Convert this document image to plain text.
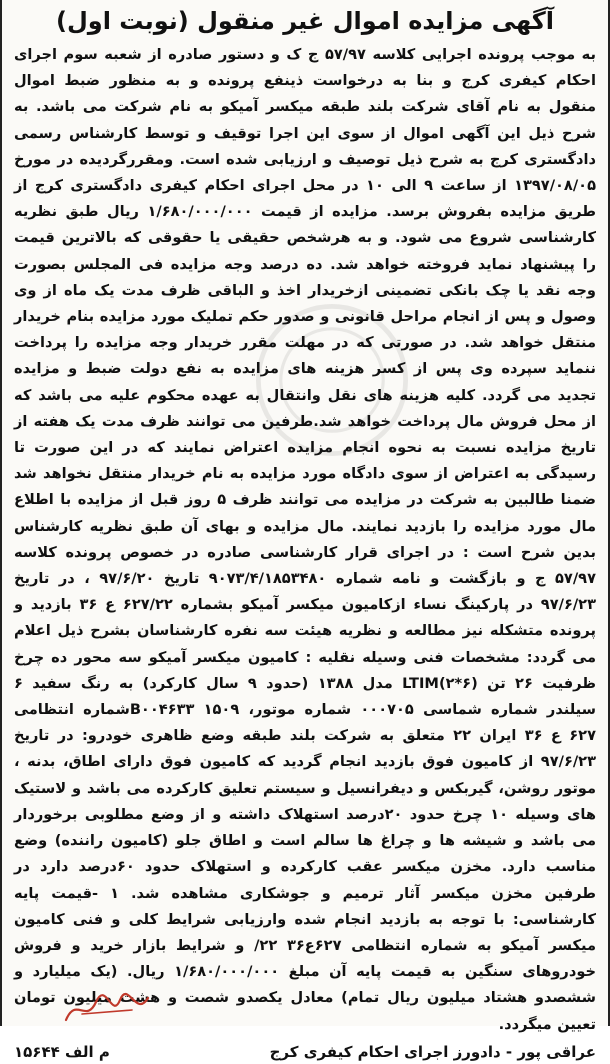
آگهی مزایده اموال غیر منقول (نوبت اول)

به موجب پرونده اجرایی کلاسه ۵۷/۹۷ ج ک و دستور صادره از شعبه سوم اجرای احکام کیفری کرج و بنا به درخواست ذینفع پرونده و به منظور ضبط اموال منقول به نام آقای شرکت بلند طبقه میکسر آمیکو به نام شرکت می باشد. به شرح ذیل این آگهی اموال از سوی این اجرا توقیف و توسط کارشناس رسمی دادگستری کرج به شرح ذیل توصیف و ارزیابی شده است. ومقررگردیده در مورخ ۱۳۹۷/۰۸/۰۵ از ساعت ۹ الی ۱۰ در محل اجرای احکام کیفری دادگستری کرج از طریق مزایده بفروش برسد. مزایده از قیمت ۱/۶۸۰/۰۰۰/۰۰۰ ریال طبق نظریه کارشناسی شروع می شود. و به هرشخص حقیقی یا حقوقی که بالاترین قیمت را پیشنهاد نماید فروخته خواهد شد. ده درصد وجه مزایده فی المجلس بصورت وجه نقد یا چک بانکی تضمینی ازخریدار اخذ و الباقی ظرف مدت یک ماه از وی وصول و پس از انجام مراحل قانونی و صدور حکم تملیک مورد مزایده بنام خریدار منتقل خواهد شد. در صورتی که در مهلت مقرر خریدار وجه مزایده را پرداخت ننماید سپرده وی پس از کسر هزینه های مزایده به نفع دولت ضبط و مزایده تجدید می گردد. کلیه هزینه های نقل وانتقال به عهده محکوم علیه می باشد که از محل فروش مال پرداخت خواهد شد.طرفین می توانند ظرف مدت یک هفته از تاریخ مزایده نسبت به نحوه انجام مزایده اعتراض نمایند که در این صورت تا رسیدگی به اعتراض از سوی دادگاه مورد مزایده به نام خریدار منتقل نخواهد شد ضمنا طالبین به شرکت در مزایده می توانند ظرف ۵ روز قبل از مزایده با اطلاع مال مورد مزایده را بازدید نمایند. مال مزایده و بهای آن طبق نظریه کارشناس بدین شرح است : در اجرای قرار کارشناسی صادره در خصوص پرونده کلاسه ۵۷/۹۷ ج و بازگشت و نامه شماره ۹۰۷۳/۴/۱۸۵۳۴۸۰ تاریخ ۹۷/۶/۲۰ ، در تاریخ ۹۷/۶/۲۳ در پارکینگ نساء ازکامیون میکسر آمیکو بشماره ۶۲۷/۲۲ ع ۳۶ بازدید و پرونده متشکله نیز مطالعه و نظریه هیئت سه نفره کارشناسان بشرح ذیل اعلام می گردد: مشخصات فنی وسیله نقلیه : کامیون میکسر آمیکو سه محور ده چرخ ظرفیت ۲۶ تن (۶*۲)LTIM مدل ۱۳۸۸ (حدود ۹ سال کارکرد) به رنگ سفید ۶ سیلندر شماره شماسی ۰۰۰۷۰۵ شماره موتور، B۰۰۴۶۳۳ ۱۵۰۹شماره انتظامی ۶۲۷ ع ۳۶ ایران ۲۲ متعلق به شرکت بلند طبقه وضع ظاهری خودرو: در تاریخ ۹۷/۶/۲۳ از کامیون فوق بازدید انجام گردید که کامیون فوق دارای اطاق، بدنه ، موتور روشن، گیربکس و دیفرانسیل و سیستم تعلیق کارکرده می باشد و لاستیک های وسیله ۱۰ چرخ حدود ۲۰درصد استهلاک داشته و از وضع مطلوبی برخوردار می باشد و شیشه ها و چراغ ها سالم است و اطاق جلو (کامیون راننده) وضع مناسب دارد. مخزن میکسر عقب کارکرده و استهلاک حدود ۶۰درصد دارد در طرفین مخزن میکسر آثار ترمیم و جوشکاری مشاهده شد. ۱ -قیمت پایه کارشناسی: با توجه به بازدید انجام شده وارزیابی شرایط کلی و فنی کامیون میکسر آمیکو به شماره انتظامی ۶۲۷ع۳۶ ۲۲/ و شرایط بازار خرید و فروش خودروهای سنگین به قیمت پایه آن مبلغ ۱/۶۸۰/۰۰۰/۰۰۰ ریال. (یک میلیارد و ششصدو هشتاد میلیون ریال تمام) معادل یکصدو شصت و هشت میلیون تومان تعیین میگردد.

عراقی پور - دادورز اجرای احکام کیفری کرج
م الف ۱۵۶۴۴
